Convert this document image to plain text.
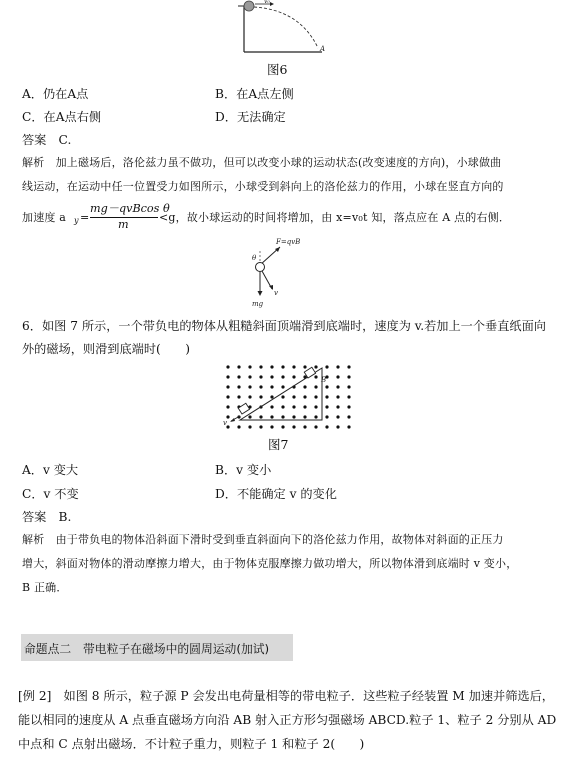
v₀
A
图6
A．仍在A点	B．在A点左侧
C．在A点右侧	D．无法确定
答案　C.
解析　加上磁场后，洛伦兹力虽不做功，但可以改变小球的运动状态(改变速度的方向)，小球做曲
线运动，在运动中任一位置受力如图所示，小球受到斜向上的洛伦兹力的作用，小球在竖直方向的
加速度 a y =
mg－qvBcos θ
m
<g，故小球运动的时间将增加，由 x=v₀t 知，落点应在 A 点的右侧．
F=qvB
θ
v
mg
6．如图 7 所示，一个带负电的物体从粗糙斜面顶端滑到底端时，速度为 v.若加上一个垂直纸面向
外的磁场，则滑到底端时(　　)
v
B
图7
A．v 变大	B．v 变小
C．v 不变	D．不能确定 v 的变化
答案　B.
解析　由于带负电的物体沿斜面下滑时受到垂直斜面向下的洛伦兹力作用，故物体对斜面的正压力
增大，斜面对物体的滑动摩擦力增大，由于物体克服摩擦力做功增大，所以物体滑到底端时 v 变小，
B 正确．
命题点二　带电粒子在磁场中的圆周运动(加试)
[例 2]　如图 8 所示，粒子源 P 会发出电荷量相等的带电粒子．这些粒子经装置 M 加速并筛选后，
能以相同的速度从 A 点垂直磁场方向沿 AB 射入正方形匀强磁场 ABCD.粒子 1、粒子 2 分别从 AD
中点和 C 点射出磁场．不计粒子重力，则粒子 1 和粒子 2(　　)
